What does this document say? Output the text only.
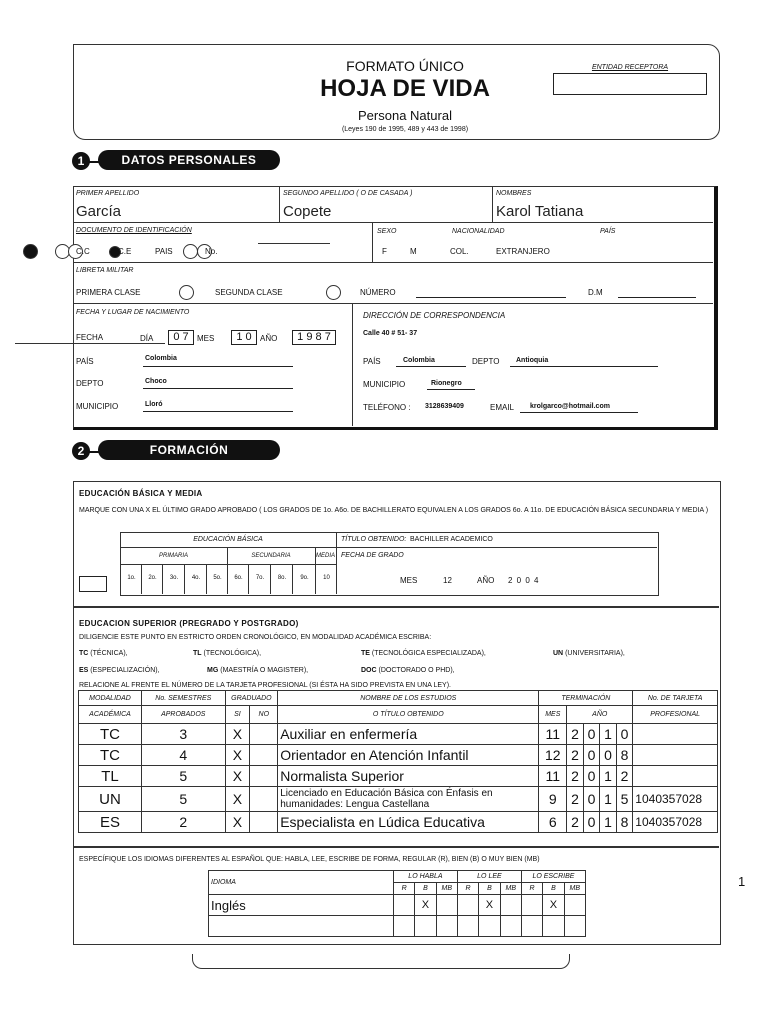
FORMATO ÚNICO
HOJA DE VIDA
Persona Natural
(Leyes 190 de 1995, 489 y 443 de 1998)
ENTIDAD RECEPTORA
1	DATOS PERSONALES
PRIMER APELLIDO
García
SEGUNDO APELLIDO ( O DE CASADA )
Copete
NOMBRES
Karol Tatiana
DOCUMENTO DE IDENTIFICACIÓN
C.C	C.E	PAIS	No.
SEXO
F	M
NACIONALIDAD
COL.	EXTRANJERO
PAÍS
LIBRETA MILITAR
PRIMERA CLASE	SEGUNDA CLASE	NÚMERO	D.M
FECHA Y LUGAR DE NACIMIENTO
FECHA	DÍA	0 7	MES	1 0	AÑO	1 9 8 7
PAÍS	Colombia
DEPTO	Choco
MUNICIPIO	Lloró
DIRECCIÓN DE CORRESPONDENCIA
Calle 40 # 51- 37
PAÍS	Colombia	DEPTO Antioquia
MUNICIPIO	Rionegro
TELÉFONO : 3128639409	EMAIL krolgarco@hotmail.com
2	FORMACIÓN ACADÉMICA
EDUCACIÓN BÁSICA Y MEDIA
MARQUE CON UNA X EL ÚLTIMO GRADO APROBADO ( LOS GRADOS DE 1o. A6o. DE BACHILLERATO EQUIVALEN A LOS GRADOS 6o. A 11o. DE EDUCACIÓN BÁSICA SECUNDARIA Y MEDIA )
EDUCACIÓN BÁSICA
PRIMARIA	SECUNDARIA	MEDIA
1o.	2o.	3o.	4o.	5o.	6o.	7o.	8o.	9o.	10
TÍTULO OBTENIDO: BACHILLER ACADEMICO
FECHA DE GRADO
MES	12	AÑO 2 0 0 4
EDUCACION SUPERIOR (PREGRADO Y POSTGRADO)
DILIGENCIE ESTE PUNTO EN ESTRICTO ORDEN CRONOLÓGICO, EN MODALIDAD ACADÉMICA ESCRIBA:
TC (TÉCNICA),	TL (TECNOLÓGICA),	TE (TECNOLÓGICA ESPECIALIZADA),	UN (UNIVERSITARIA),
ES (ESPECIALIZACIÓN),	MG (MAESTRÍA O MAGISTER),	DOC (DOCTORADO O PHD),
RELACIONE AL FRENTE EL NÚMERO DE LA TARJETA PROFESIONAL (SI ÉSTA HA SIDO PREVISTA EN UNA LEY).
MODALIDAD	No. SEMESTRES	GRADUADO		NOMBRE DE LOS ESTUDIOS	TERMINACIÓN					No. DE TARJETA
ACADÉMICA	APROBADOS	SI	NO	O TÍTULO OBTENIDO	MES	AÑO				PROFESIONAL
TC	3	X		Auxiliar en enfermería	11	2	0	1	0	
TC	4	X		Orientador en Atención Infantil	12	2	0	0	8	
TL	5	X		Normalista Superior	11	2	0	1	2	
UN	5	X		Licenciado en Educación Básica con Énfasis en humanidades: Lengua Castellana	9	2	0	1	5	1040357028
ES	2	X		Especialista en Lúdica Educativa	6	2	0	1	8	1040357028
ESPECÍFIQUE LOS IDIOMAS DIFERENTES AL ESPAÑOL QUE: HABLA, LEE, ESCRIBE DE FORMA, REGULAR (R), BIEN (B) O MUY BIEN (MB)
IDIOMA	LO HABLA			LO LEE			LO ESCRIBE		
	R	B	MB	R	B	MB	R	B	MB
Inglés		X			X			X	

1
